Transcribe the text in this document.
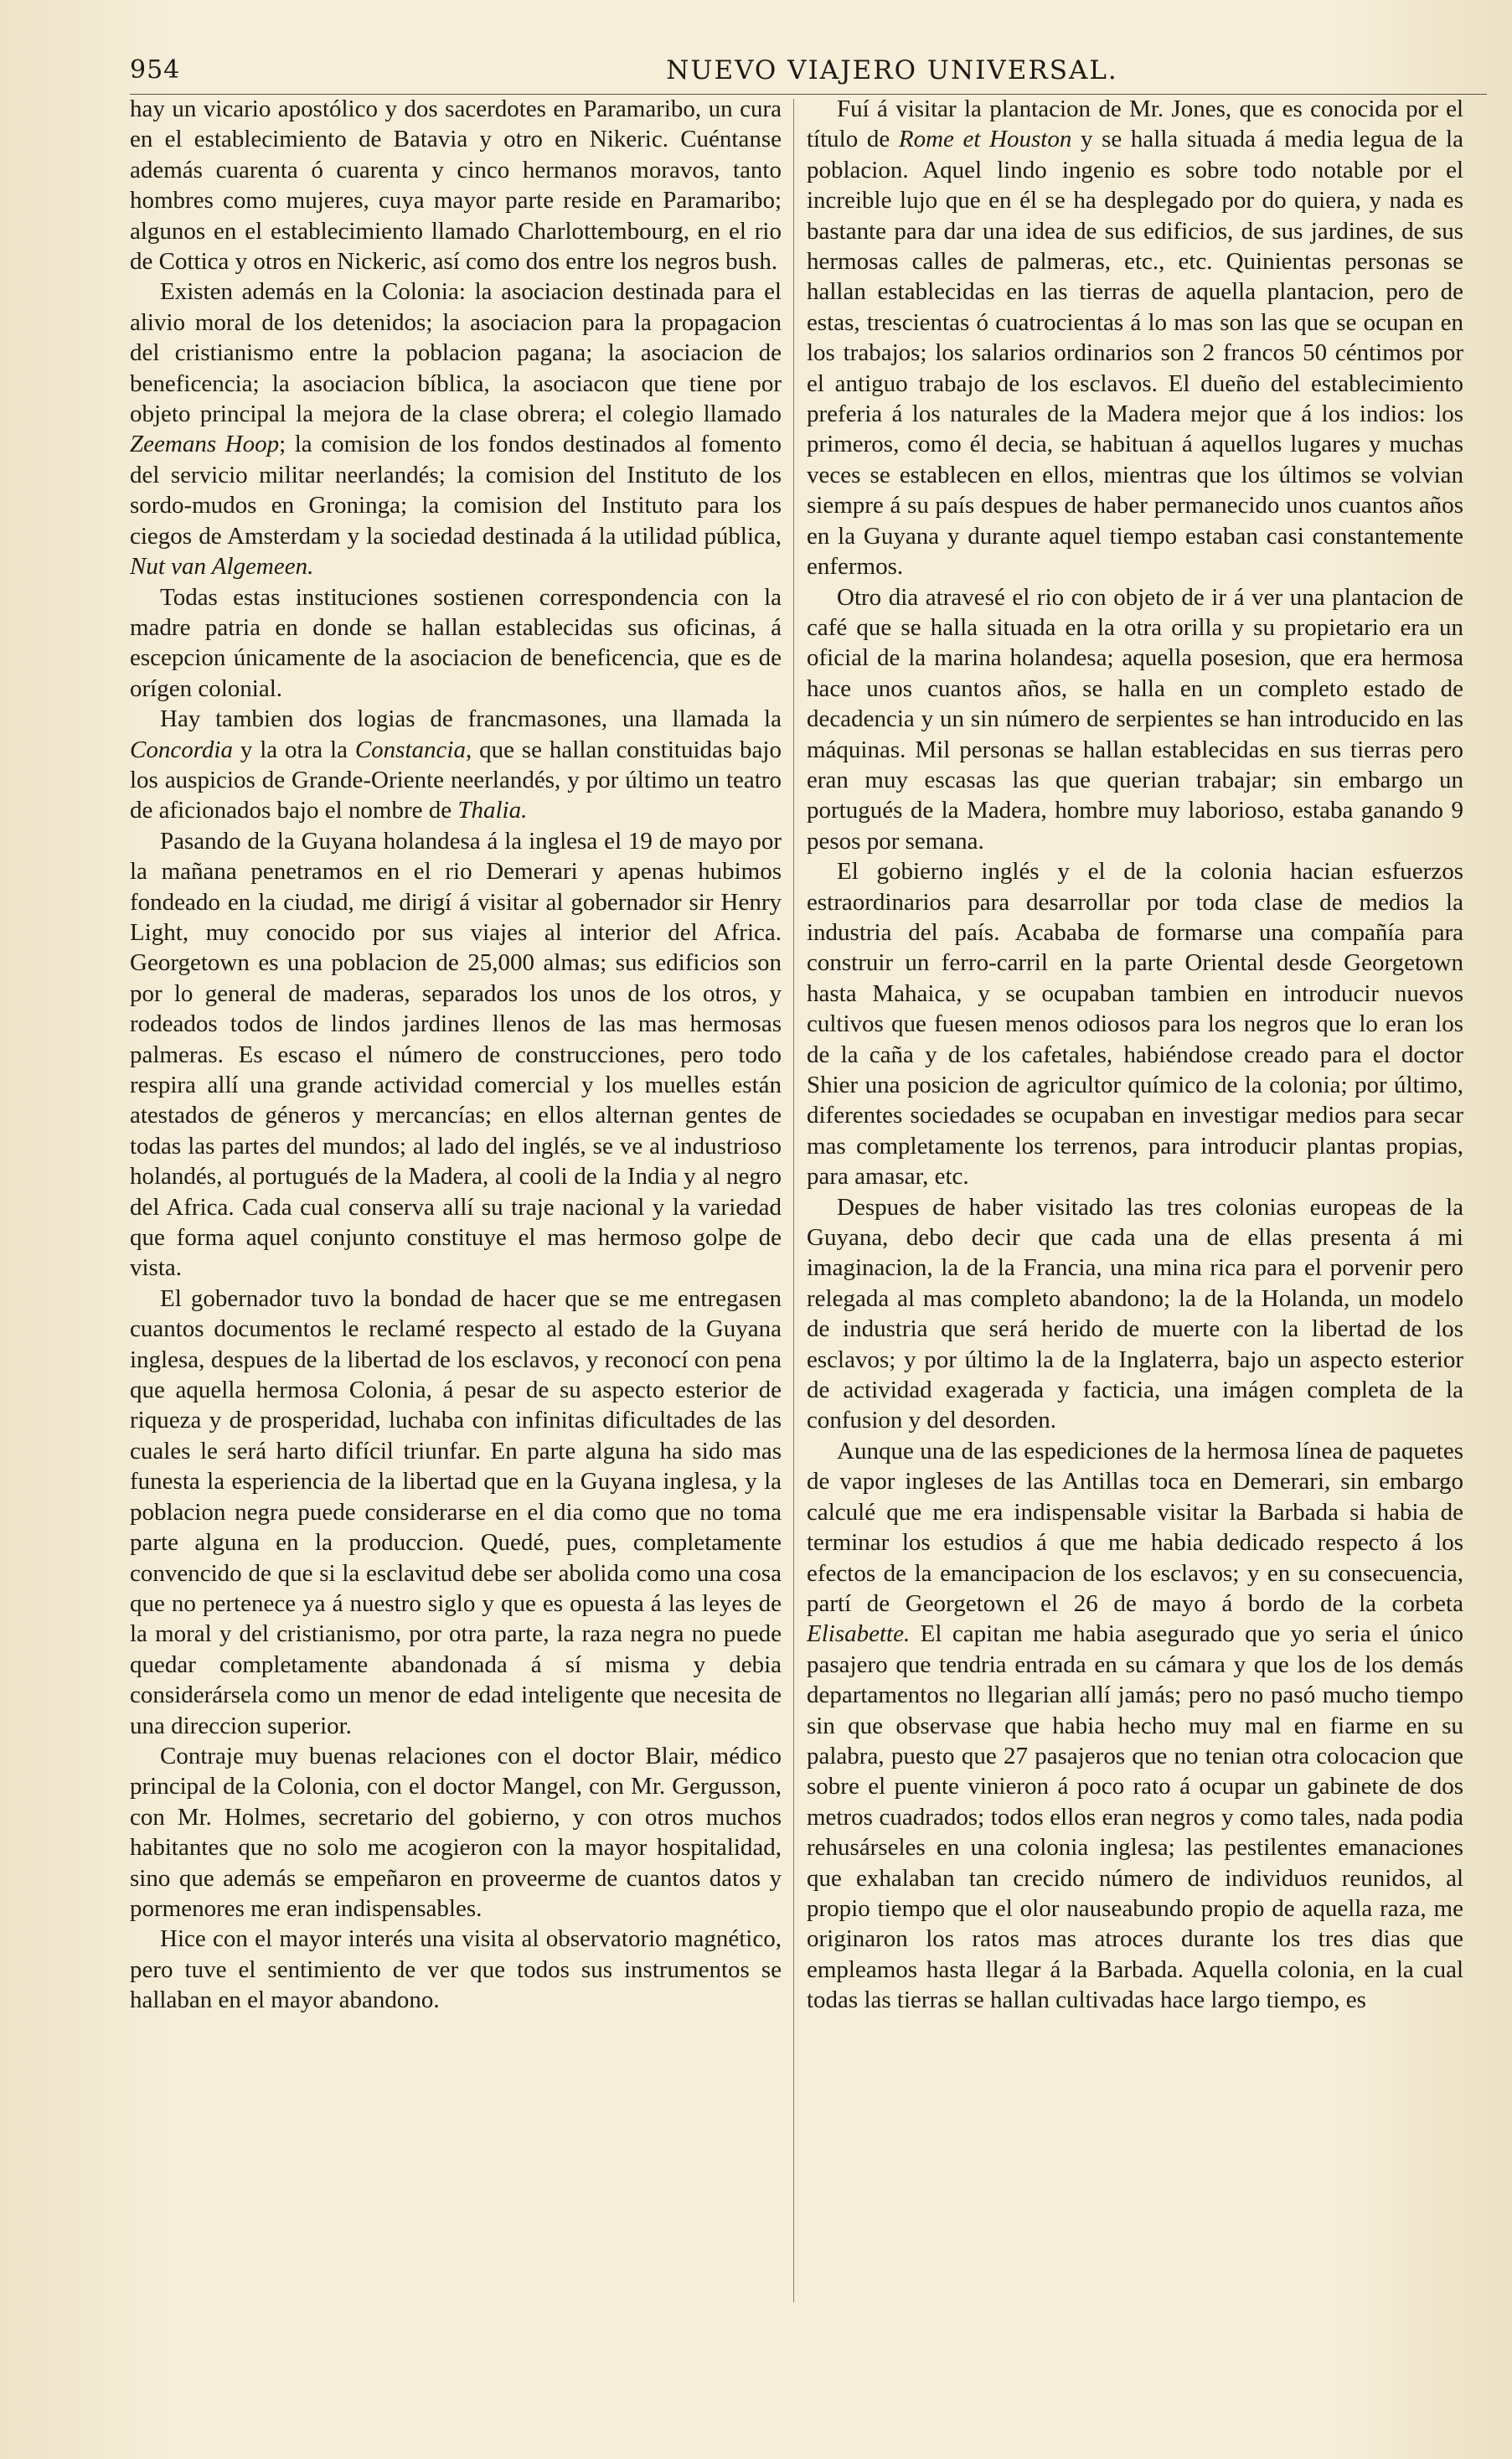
954	NUEVO VIAJERO UNIVERSAL.

hay un vicario apostólico y dos sacerdotes en Paramaribo, un cura en el establecimiento de Batavia y otro en Nikeric. Cuéntanse además cuarenta ó cuarenta y cinco hermanos moravos, tanto hombres como mujeres, cuya mayor parte reside en Paramaribo; algunos en el establecimiento llamado Charlottembourg, en el rio de Cottica y otros en Nickeric, así como dos entre los negros bush.

Existen además en la Colonia: la asociacion destinada para el alivio moral de los detenidos; la asociacion para la propagacion del cristianismo entre la poblacion pagana; la asociacion de beneficencia; la asociacion bíblica, la asociacon que tiene por objeto principal la mejora de la clase obrera; el colegio llamado Zeemans Hoop; la comision de los fondos destinados al fomento del servicio militar neerlandés; la comision del Instituto de los sordo-mudos en Groninga; la comision del Instituto para los ciegos de Amsterdam y la sociedad destinada á la utilidad pública, Nut van Algemeen.

Todas estas instituciones sostienen correspondencia con la madre patria en donde se hallan establecidas sus oficinas, á escepcion únicamente de la asociacion de beneficencia, que es de orígen colonial.

Hay tambien dos logias de francmasones, una llamada la Concordia y la otra la Constancia, que se hallan constituidas bajo los auspicios de Grande-Oriente neerlandés, y por último un teatro de aficionados bajo el nombre de Thalia.

Pasando de la Guyana holandesa á la inglesa el 19 de mayo por la mañana penetramos en el rio Demerari y apenas hubimos fondeado en la ciudad, me dirigí á visitar al gobernador sir Henry Light, muy conocido por sus viajes al interior del Africa. Georgetown es una poblacion de 25,000 almas; sus edificios son por lo general de maderas, separados los unos de los otros, y rodeados todos de lindos jardines llenos de las mas hermosas palmeras. Es escaso el número de construcciones, pero todo respira allí una grande actividad comercial y los muelles están atestados de géneros y mercancías; en ellos alternan gentes de todas las partes del mundos; al lado del inglés, se ve al industrioso holandés, al portugués de la Madera, al cooli de la India y al negro del Africa. Cada cual conserva allí su traje nacional y la variedad que forma aquel conjunto constituye el mas hermoso golpe de vista.

El gobernador tuvo la bondad de hacer que se me entregasen cuantos documentos le reclamé respecto al estado de la Guyana inglesa, despues de la libertad de los esclavos, y reconocí con pena que aquella hermosa Colonia, á pesar de su aspecto esterior de riqueza y de prosperidad, luchaba con infinitas dificultades de las cuales le será harto difícil triunfar. En parte alguna ha sido mas funesta la esperiencia de la libertad que en la Guyana inglesa, y la poblacion negra puede considerarse en el dia como que no toma parte alguna en la produccion. Quedé, pues, completamente convencido de que si la esclavitud debe ser abolida como una cosa que no pertenece ya á nuestro siglo y que es opuesta á las leyes de la moral y del cristianismo, por otra parte, la raza negra no puede quedar completamente abandonada á sí misma y debia considerársela como un menor de edad inteligente que necesita de una direccion superior.

Contraje muy buenas relaciones con el doctor Blair, médico principal de la Colonia, con el doctor Mangel, con Mr. Gergusson, con Mr. Holmes, secretario del gobierno, y con otros muchos habitantes que no solo me acogieron con la mayor hospitalidad, sino que además se empeñaron en proveerme de cuantos datos y pormenores me eran indispensables.

Hice con el mayor interés una visita al observatorio magnético, pero tuve el sentimiento de ver que todos sus instrumentos se hallaban en el mayor abandono.

Fuí á visitar la plantacion de Mr. Jones, que es conocida por el título de Rome et Houston y se halla situada á media legua de la poblacion. Aquel lindo ingenio es sobre todo notable por el increible lujo que en él se ha desplegado por do quiera, y nada es bastante para dar una idea de sus edificios, de sus jardines, de sus hermosas calles de palmeras, etc., etc. Quinientas personas se hallan establecidas en las tierras de aquella plantacion, pero de estas, trescientas ó cuatrocientas á lo mas son las que se ocupan en los trabajos; los salarios ordinarios son 2 francos 50 céntimos por el antiguo trabajo de los esclavos. El dueño del establecimiento preferia á los naturales de la Madera mejor que á los indios: los primeros, como él decia, se habituan á aquellos lugares y muchas veces se establecen en ellos, mientras que los últimos se volvian siempre á su país despues de haber permanecido unos cuantos años en la Guyana y durante aquel tiempo estaban casi constantemente enfermos.

Otro dia atravesé el rio con objeto de ir á ver una plantacion de café que se halla situada en la otra orilla y su propietario era un oficial de la marina holandesa; aquella posesion, que era hermosa hace unos cuantos años, se halla en un completo estado de decadencia y un sin número de serpientes se han introducido en las máquinas. Mil personas se hallan establecidas en sus tierras pero eran muy escasas las que querian trabajar; sin embargo un portugués de la Madera, hombre muy laborioso, estaba ganando 9 pesos por semana.

El gobierno inglés y el de la colonia hacian esfuerzos estraordinarios para desarrollar por toda clase de medios la industria del país. Acababa de formarse una compañía para construir un ferro-carril en la parte Oriental desde Georgetown hasta Mahaica, y se ocupaban tambien en introducir nuevos cultivos que fuesen menos odiosos para los negros que lo eran los de la caña y de los cafetales, habiéndose creado para el doctor Shier una posicion de agricultor químico de la colonia; por último, diferentes sociedades se ocupaban en investigar medios para secar mas completamente los terrenos, para introducir plantas propias, para amasar, etc.

Despues de haber visitado las tres colonias europeas de la Guyana, debo decir que cada una de ellas presenta á mi imaginacion, la de la Francia, una mina rica para el porvenir pero relegada al mas completo abandono; la de la Holanda, un modelo de industria que será herido de muerte con la libertad de los esclavos; y por último la de la Inglaterra, bajo un aspecto esterior de actividad exagerada y facticia, una imágen completa de la confusion y del desorden.

Aunque una de las espediciones de la hermosa línea de paquetes de vapor ingleses de las Antillas toca en Demerari, sin embargo calculé que me era indispensable visitar la Barbada si habia de terminar los estudios á que me habia dedicado respecto á los efectos de la emancipacion de los esclavos; y en su consecuencia, partí de Georgetown el 26 de mayo á bordo de la corbeta Elisabette. El capitan me habia asegurado que yo seria el único pasajero que tendria entrada en su cámara y que los de los demás departamentos no llegarian allí jamás; pero no pasó mucho tiempo sin que observase que habia hecho muy mal en fiarme en su palabra, puesto que 27 pasajeros que no tenian otra colocacion que sobre el puente vinieron á poco rato á ocupar un gabinete de dos metros cuadrados; todos ellos eran negros y como tales, nada podia rehusárseles en una colonia inglesa; las pestilentes emanaciones que exhalaban tan crecido número de individuos reunidos, al propio tiempo que el olor nauseabundo propio de aquella raza, me originaron los ratos mas atroces durante los tres dias que empleamos hasta llegar á la Barbada. Aquella colonia, en la cual todas las tierras se hallan cultivadas hace largo tiempo, es
